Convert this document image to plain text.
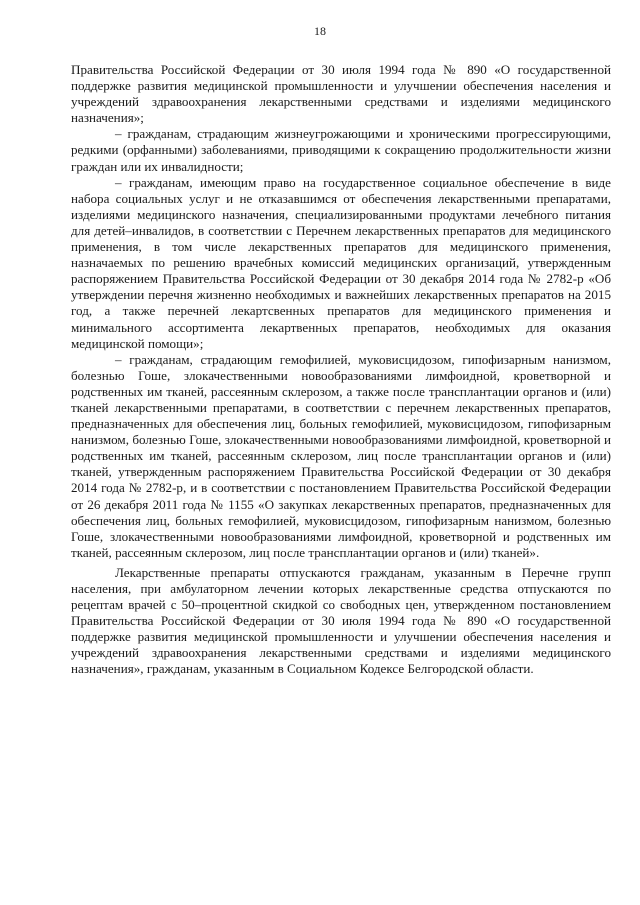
18

Правительства Российской Федерации от 30 июля 1994 года № 890 «О государственной поддержке развития медицинской промышленности и улучшении обеспечения населения и учреждений здравоохранения лекарственными средствами и изделиями медицинского назначения»;

– гражданам, страдающим жизнеугрожающими и хроническими прогрессирующими, редкими (орфанными) заболеваниями, приводящими к сокращению продолжительности жизни граждан или их инвалидности;

– гражданам, имеющим право на государственное социальное обеспечение в виде набора социальных услуг и не отказавшимся от обеспечения лекарственными препаратами, изделиями медицинского назначения, специализированными продуктами лечебного питания для детей–инвалидов, в соответствии с Перечнем лекарственных препаратов для медицинского применения, в том числе лекарственных препаратов для медицинского применения, назначаемых по решению врачебных комиссий медицинских организаций, утвержденным распоряжением Правительства Российской Федерации от 30 декабря 2014 года № 2782-р «Об утверждении перечня жизненно необходимых и важнейших лекарственных препаратов на 2015 год, а также перечней лекартсвенных препаратов для медицинского применения и минимального ассортимента лекартвенных препаратов, необходимых для оказания медицинской помощи»;

– гражданам, страдающим гемофилией, муковисцидозом, гипофизарным нанизмом, болезнью Гоше, злокачественными новообразованиями лимфоидной, кроветворной и родственных им тканей, рассеянным склерозом, а также после трансплантации органов и (или) тканей лекарственными препаратами, в соответствии с перечнем лекарственных препаратов, предназначенных для обеспечения лиц, больных гемофилией, муковисцидозом, гипофизарным нанизмом, болезнью Гоше, злокачественными новообразованиями лимфоидной, кроветворной и родственных им тканей, рассеянным склерозом, лиц после трансплантации органов и (или) тканей, утвержденным распоряжением Правительства Российской Федерации от 30 декабря 2014 года № 2782-р, и в соответствии с постановлением Правительства Российской Федерации от 26 декабря 2011 года № 1155 «О закупках лекарственных препаратов, предназначенных для обеспечения лиц, больных гемофилией, муковисцидозом, гипофизарным нанизмом, болезнью Гоше, злокачественными новообразованиями лимфоидной, кроветворной и родственных им тканей, рассеянным склерозом, лиц после трансплантации органов и (или) тканей».

Лекарственные препараты отпускаются гражданам, указанным в Перечне групп населения, при амбулаторном лечении которых лекарственные средства отпускаются по рецептам врачей с 50–процентной скидкой со свободных цен, утвержденном постановлением Правительства Российской Федерации от 30 июля 1994 года № 890 «О государственной поддержке развития медицинской промышленности и улучшении обеспечения населения и учреждений здравоохранения лекарственными средствами и изделиями медицинского назначения», гражданам, указанным в Социальном Кодексе Белгородской области.
